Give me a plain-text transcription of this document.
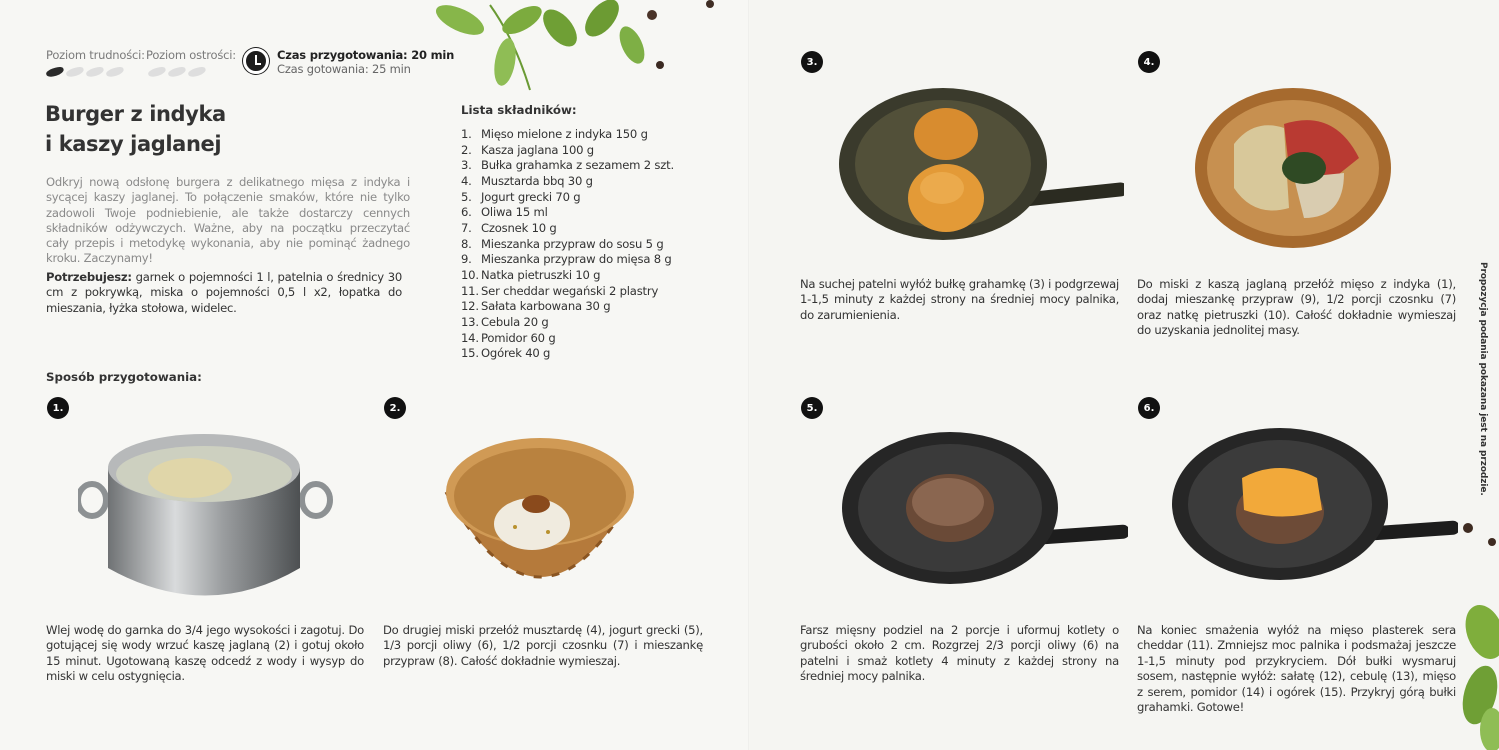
Poziom trudności: Poziom ostrości:	Czas przygotowania: 20 min
Czas gotowania: 25 min
Burger z indyka
i kaszy jaglanej
Odkryj nową odsłonę burgera z delikatnego mięsa z indyka i sycącej kaszy jaglanej. To połączenie smaków, które nie tylko zadowoli Twoje podniebienie, ale także dostarczy cennych składników odżywczych. Ważne, aby na początku przeczytać cały przepis i metodykę wykonania, aby nie pominąć żadnego kroku. Zaczynamy!
Potrzebujesz: garnek o pojemności 1 l, patelnia o średnicy 30 cm z pokrywką, miska o pojemności 0,5 l x2, łopatka do mieszania, łyżka stołowa, widelec.
Lista składników:
1. Mięso mielone z indyka 150 g
2. Kasza jaglana 100 g
3. Bułka grahamka z sezamem 2 szt.
4. Musztarda bbq 30 g
5. Jogurt grecki 70 g
6. Oliwa 15 ml
7. Czosnek 10 g
8. Mieszanka przypraw do sosu 5 g
9. Mieszanka przypraw do mięsa 8 g
10. Natka pietruszki 10 g
11. Ser cheddar wegański 2 plastry
12. Sałata karbowana 30 g
13. Cebula 20 g
14. Pomidor 60 g
15. Ogórek 40 g
Sposób przygotowania:
1.
Wlej wodę do garnka do 3/4 jego wysokości i zagotuj. Do gotującej się wody wrzuć kaszę jaglaną (2) i gotuj około 15 minut. Ugotowaną kaszę odcedź z wody i wysyp do miski w celu ostygnięcia.
2.
Do drugiej miski przełóż musztardę (4), jogurt grecki (5), 1/3 porcji oliwy (6), 1/2 porcji czosnku (7) i mieszankę przypraw (8). Całość dokładnie wymieszaj.
3.
Na suchej patelni wyłóż bułkę grahamkę (3) i podgrzewaj 1-1,5 minuty z każdej strony na średniej mocy palnika, do zarumienienia.
4.
Do miski z kaszą jaglaną przełóż mięso z indyka (1), dodaj mieszankę przypraw (9), 1/2 porcji czosnku (7) oraz natkę pietruszki (10). Całość dokładnie wymieszaj do uzyskania jednolitej masy.
5.
Farsz mięsny podziel na 2 porcje i uformuj kotlety o grubości około 2 cm. Rozgrzej 2/3 porcji oliwy (6) na patelni i smaż kotlety 4 minuty z każdej strony na średniej mocy palnika.
6.
Na koniec smażenia wyłóż na mięso plasterek sera cheddar (11). Zmniejsz moc palnika i podsmażaj jeszcze 1-1,5 minuty pod przykryciem. Dół bułki wysmaruj sosem, następnie wyłóż: sałatę (12), cebulę (13), mięso z serem, pomidor (14) i ogórek (15). Przykryj górą bułki grahamki. Gotowe!
Propozycja podania pokazana jest na przodzie.
